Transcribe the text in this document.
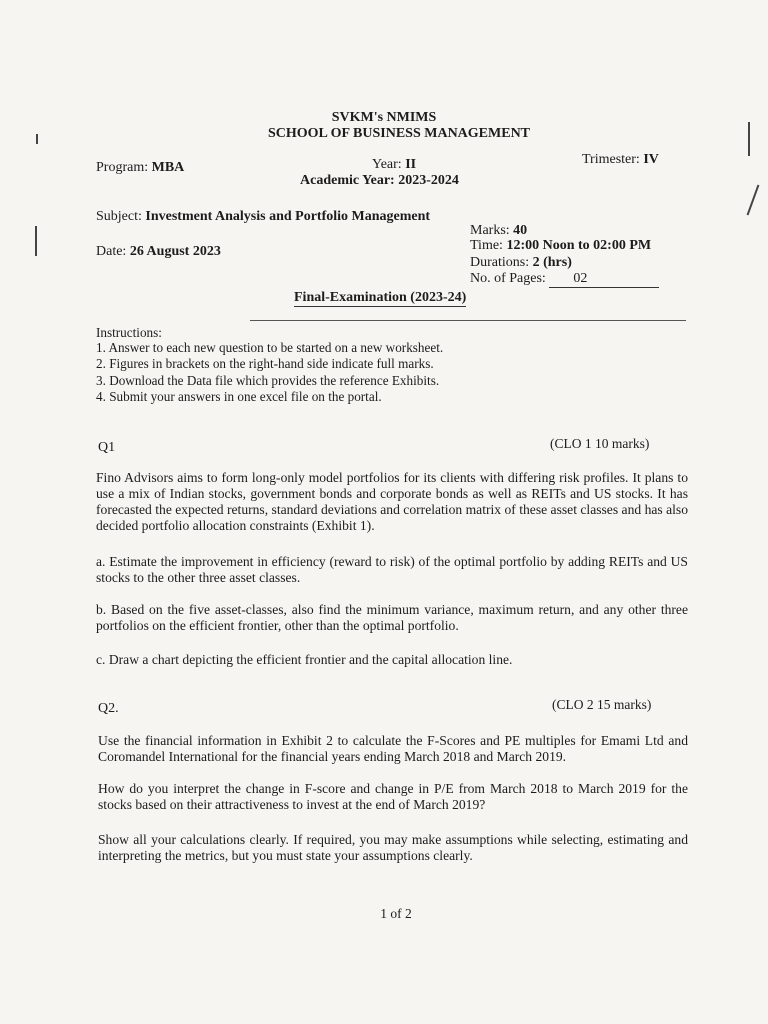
SVKM's NMIMS
SCHOOL OF BUSINESS MANAGEMENT
Program: MBA	Year: II	Trimester: IV
Academic Year: 2023-2024
Subject: Investment Analysis and Portfolio Management
Marks: 40
Date: 26 August 2023	Time: 12:00 Noon to 02:00 PM
Durations: 2 (hrs)
No. of Pages: 02
Final-Examination (2023-24)
Instructions:
1. Answer to each new question to be started on a new worksheet.
2. Figures in brackets on the right-hand side indicate full marks.
3. Download the Data file which provides the reference Exhibits.
4. Submit your answers in one excel file on the portal.
Q1	(CLO 1 10 marks)
Fino Advisors aims to form long-only model portfolios for its clients with differing risk profiles. It plans to use a mix of Indian stocks, government bonds and corporate bonds as well as REITs and US stocks. It has forecasted the expected returns, standard deviations and correlation matrix of these asset classes and has also decided portfolio allocation constraints (Exhibit 1).
a. Estimate the improvement in efficiency (reward to risk) of the optimal portfolio by adding REITs and US stocks to the other three asset classes.
b. Based on the five asset-classes, also find the minimum variance, maximum return, and any other three portfolios on the efficient frontier, other than the optimal portfolio.
c. Draw a chart depicting the efficient frontier and the capital allocation line.
Q2.	(CLO 2 15 marks)
Use the financial information in Exhibit 2 to calculate the F-Scores and PE multiples for Emami Ltd and Coromandel International for the financial years ending March 2018 and March 2019.
How do you interpret the change in F-score and change in P/E from March 2018 to March 2019 for the stocks based on their attractiveness to invest at the end of March 2019?
Show all your calculations clearly. If required, you may make assumptions while selecting, estimating and interpreting the metrics, but you must state your assumptions clearly.
1 of 2
